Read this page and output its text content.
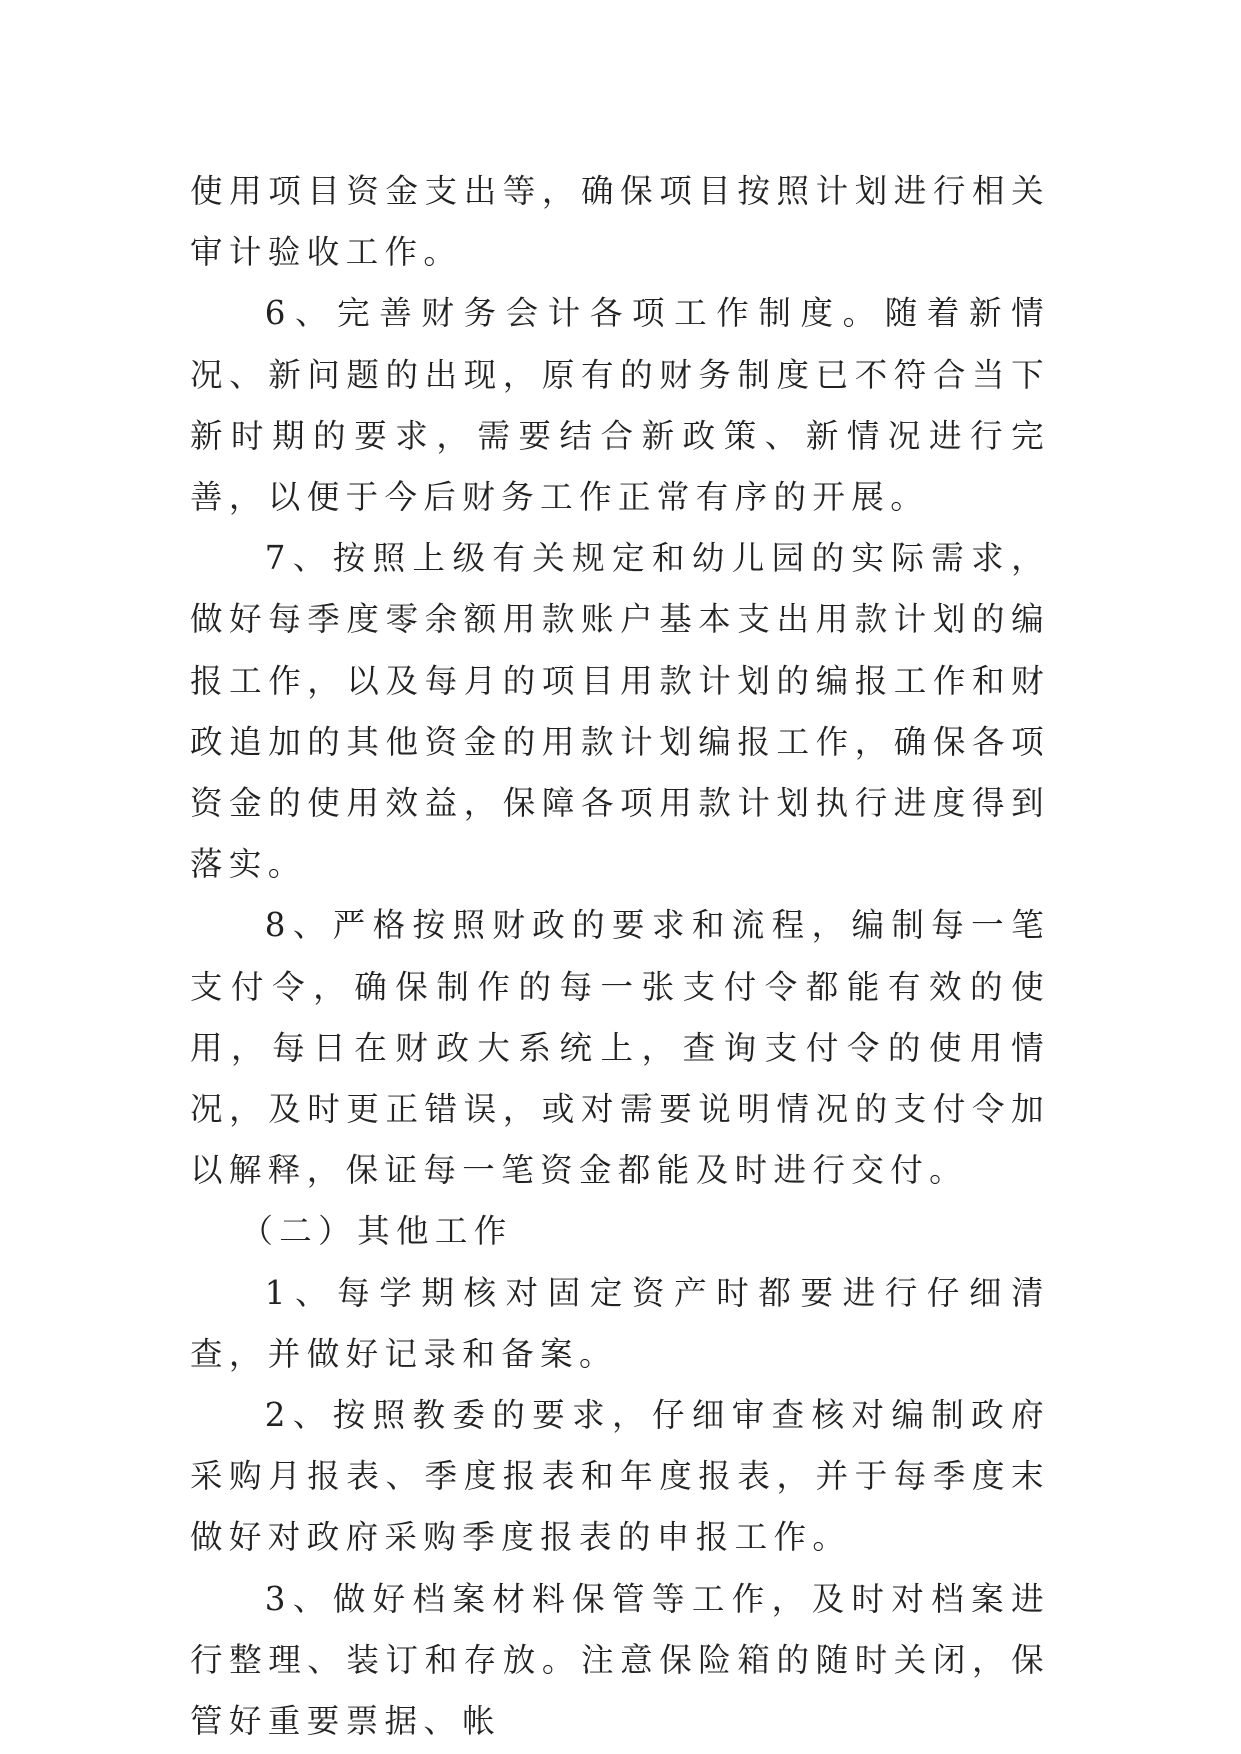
使用项目资金支出等，确保项目按照计划进行相关审计验收工作。

6、完善财务会计各项工作制度。随着新情况、新问题的出现，原有的财务制度已不符合当下新时期的要求，需要结合新政策、新情况进行完善，以便于今后财务工作正常有序的开展。

7、按照上级有关规定和幼儿园的实际需求，做好每季度零余额用款账户基本支出用款计划的编报工作，以及每月的项目用款计划的编报工作和财政追加的其他资金的用款计划编报工作，确保各项资金的使用效益，保障各项用款计划执行进度得到落实。

8、严格按照财政的要求和流程，编制每一笔支付令，确保制作的每一张支付令都能有效的使用，每日在财政大系统上，查询支付令的使用情况，及时更正错误，或对需要说明情况的支付令加以解释，保证每一笔资金都能及时进行交付。

（二）其他工作

1、每学期核对固定资产时都要进行仔细清查，并做好记录和备案。

2、按照教委的要求，仔细审查核对编制政府采购月报表、季度报表和年度报表，并于每季度末做好对政府采购季度报表的申报工作。

3、做好档案材料保管等工作，及时对档案进行整理、装订和存放。注意保险箱的随时关闭，保管好重要票据、帐
